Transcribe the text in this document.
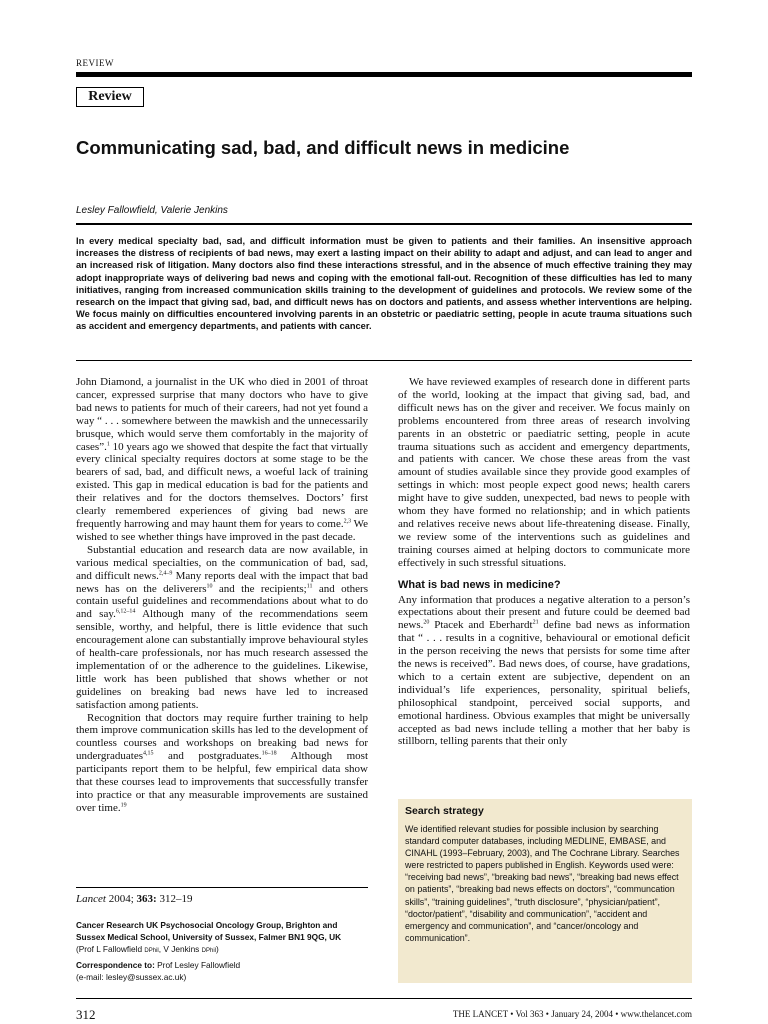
REVIEW
Review
Communicating sad, bad, and difficult news in medicine
Lesley Fallowfield, Valerie Jenkins

In every medical specialty bad, sad, and difficult information must be given to patients and their families. An insensitive approach increases the distress of recipients of bad news, may exert a lasting impact on their ability to adapt and adjust, and can lead to anger and an increased risk of litigation. Many doctors also find these interactions stressful, and in the absence of much effective training they may adopt inappropriate ways of delivering bad news and coping with the emotional fall-out. Recognition of these difficulties has led to many initiatives, ranging from increased communication skills training to the development of guidelines and protocols. We review some of the research on the impact that giving sad, bad, and difficult news has on doctors and patients, and assess whether interventions are helping. We focus mainly on difficulties encountered involving parents in an obstetric or paediatric setting, people in acute trauma situations such as accident and emergency departments, and patients with cancer.

John Diamond, a journalist in the UK who died in 2001 of throat cancer, expressed surprise that many doctors who have to give bad news to patients for much of their careers, had not yet found a way “ . . . somewhere between the mawkish and the unnecessarily brusque, which would serve them comfortably in the majority of cases”.$^1$ 10 years ago we showed that despite the fact that virtually every clinical specialty requires doctors at some stage to be the bearers of sad, bad, and difficult news, a woeful lack of training existed. This gap in medical education is bad for the patients and their relatives and for the doctors themselves. Doctors’ first clearly remembered experiences of giving bad news are frequently harrowing and may haunt them for years to come.$^{2,3}$ We wished to see whether things have improved in the past decade.

Substantial education and research data are now available, in various medical specialties, on the communication of bad, sad, and difficult news.$^{2,4-9}$ Many reports deal with the impact that bad news has on the deliverers$^{10}$ and the recipients;$^{11}$ and others contain useful guidelines and recommendations about what to do and say.$^{6,12-14}$ Although many of the recommendations seem sensible, worthy, and helpful, there is little evidence that such encouragement alone can substantially improve behavioural styles of health-care professionals, nor has much research assessed the implementation of or the adherence to the guidelines. Likewise, little work has been published that shows whether or not guidelines on breaking bad news have led to increased satisfaction among patients.

Recognition that doctors may require further training to help them improve communication skills has led to the development of countless courses and workshops on breaking bad news for undergraduates$^{4,15}$ and postgraduates.$^{16-18}$ Although most participants report them to be helpful, few empirical data show that these courses lead to improvements that successfully transfer into practice or that any measurable improvements are sustained over time.$^{19}$

Lancet 2004; 363: 312–19

Cancer Research UK Psychosocial Oncology Group, Brighton and Sussex Medical School, University of Sussex, Falmer BN1 9QG, UK
(Prof L Fallowfield DPhil, V Jenkins DPhil)

Correspondence to: Prof Lesley Fallowfield
(e-mail: lesley@sussex.ac.uk)

We have reviewed examples of research done in different parts of the world, looking at the impact that giving sad, bad, and difficult news has on the giver and receiver. We focus mainly on problems encountered from three areas of research involving parents in an obstetric or paediatric setting, people in acute trauma situations such as accident and emergency departments, and patients with cancer. We chose these areas from the vast amount of studies available since they provide good examples of settings in which: most people expect good news; health carers might have to give sudden, unexpected, bad news to people with whom they have formed no relationship; and in which patients and relatives receive news about life-threatening disease. Finally, we review some of the interventions such as guidelines and training courses aimed at helping doctors to communicate more effectively in such stressful situations.

What is bad news in medicine?

Any information that produces a negative alteration to a person’s expectations about their present and future could be deemed bad news.$^{20}$ Ptacek and Eberhardt$^{21}$ define bad news as information that “ . . . results in a cognitive, behavioural or emotional deficit in the person receiving the news that persists for some time after the news is received”. Bad news does, of course, have gradations, which to a certain extent are subjective, dependent on an individual’s life experiences, personality, spiritual beliefs, philosophical standpoint, perceived social supports, and emotional hardiness. Obvious examples that might be universally accepted as bad news include telling a mother that her baby is stillborn, telling parents that their only

Search strategy

We identified relevant studies for possible inclusion by searching standard computer databases, including MEDLINE, EMBASE, and CINAHL (1993–February, 2003), and The Cochrane Library. Searches were restricted to papers published in English. Keywords used were: “receiving bad news”, “breaking bad news”, “breaking bad news effect on patients”, “breaking bad news effects on doctors”, “communcation skills”, “training guidelines”, “truth disclosure”, “physician/patient”, “doctor/patient”, “disability and communication”, “accident and emergency and communication”, and “cancer/oncology and communication”.

312	THE LANCET • Vol 363 • January 24, 2004 • www.thelancet.com
